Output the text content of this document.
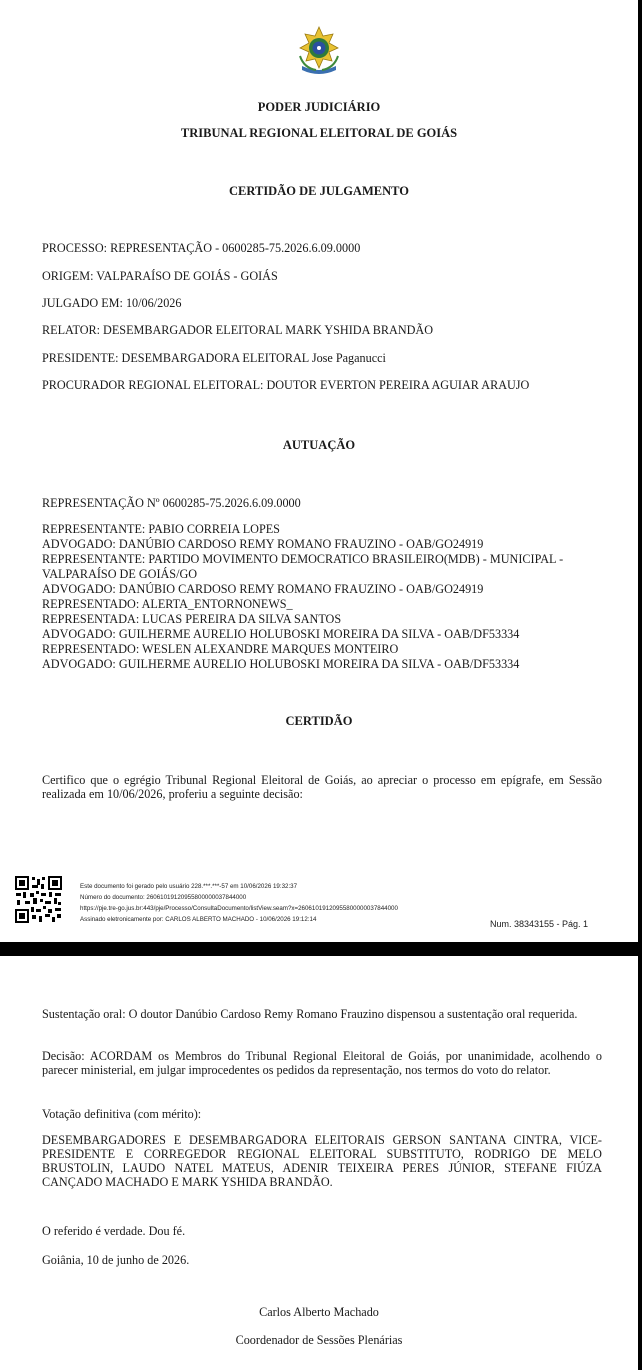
PODER JUDICIÁRIO
TRIBUNAL REGIONAL ELEITORAL DE GOIÁS
CERTIDÃO DE JULGAMENTO
PROCESSO: REPRESENTAÇÃO - 0600285-75.2026.6.09.0000
ORIGEM: VALPARAÍSO DE GOIÁS - GOIÁS
JULGADO EM: 10/06/2026
RELATOR: DESEMBARGADOR ELEITORAL MARK YSHIDA BRANDÃO
PRESIDENTE: DESEMBARGADORA ELEITORAL Jose Paganucci
PROCURADOR REGIONAL ELEITORAL: DOUTOR EVERTON PEREIRA AGUIAR ARAUJO
AUTUAÇÃO
REPRESENTAÇÃO Nº 0600285-75.2026.6.09.0000
REPRESENTANTE: PABIO CORREIA LOPES
ADVOGADO: DANÚBIO CARDOSO REMY ROMANO FRAUZINO - OAB/GO24919
REPRESENTANTE: PARTIDO MOVIMENTO DEMOCRATICO BRASILEIRO(MDB) - MUNICIPAL -
VALPARAÍSO DE GOIÁS/GO
ADVOGADO: DANÚBIO CARDOSO REMY ROMANO FRAUZINO - OAB/GO24919
REPRESENTADO: ALERTA_ENTORNONEWS_
REPRESENTADA: LUCAS PEREIRA DA SILVA SANTOS
ADVOGADO: GUILHERME AURELIO HOLUBOSKI MOREIRA DA SILVA - OAB/DF53334
REPRESENTADO: WESLEN ALEXANDRE MARQUES MONTEIRO
ADVOGADO: GUILHERME AURELIO HOLUBOSKI MOREIRA DA SILVA - OAB/DF53334
CERTIDÃO
Certifico que o egrégio Tribunal Regional Eleitoral de Goiás, ao apreciar o processo em epígrafe, em Sessão realizada em 10/06/2026, proferiu a seguinte decisão:
Este documento foi gerado pelo usuário 228.***.***-57 em 10/06/2026 19:32:37
Número do documento: 26061019120955800000037844000
https://pje.tre-go.jus.br:443/pje/Processo/ConsultaDocumento/listView.seam?x=26061019120955800000037844000
Assinado eletronicamente por: CARLOS ALBERTO MACHADO - 10/06/2026 19:12:14	Num. 38343155 - Pág. 1
Sustentação oral: O doutor Danúbio Cardoso Remy Romano Frauzino dispensou a sustentação oral requerida.
Decisão: ACORDAM os Membros do Tribunal Regional Eleitoral de Goiás, por unanimidade, acolhendo o parecer ministerial, em julgar improcedentes os pedidos da representação, nos termos do voto do relator.
Votação definitiva (com mérito):
DESEMBARGADORES E DESEMBARGADORA ELEITORAIS GERSON SANTANA CINTRA, VICE-PRESIDENTE E CORREGEDOR REGIONAL ELEITORAL SUBSTITUTO, RODRIGO DE MELO BRUSTOLIN, LAUDO NATEL MATEUS, ADENIR TEIXEIRA PERES JÚNIOR, STEFANE FIÚZA CANÇADO MACHADO E MARK YSHIDA BRANDÃO.
O referido é verdade. Dou fé.
Goiânia, 10 de junho de 2026.
Carlos Alberto Machado
Coordenador de Sessões Plenárias
